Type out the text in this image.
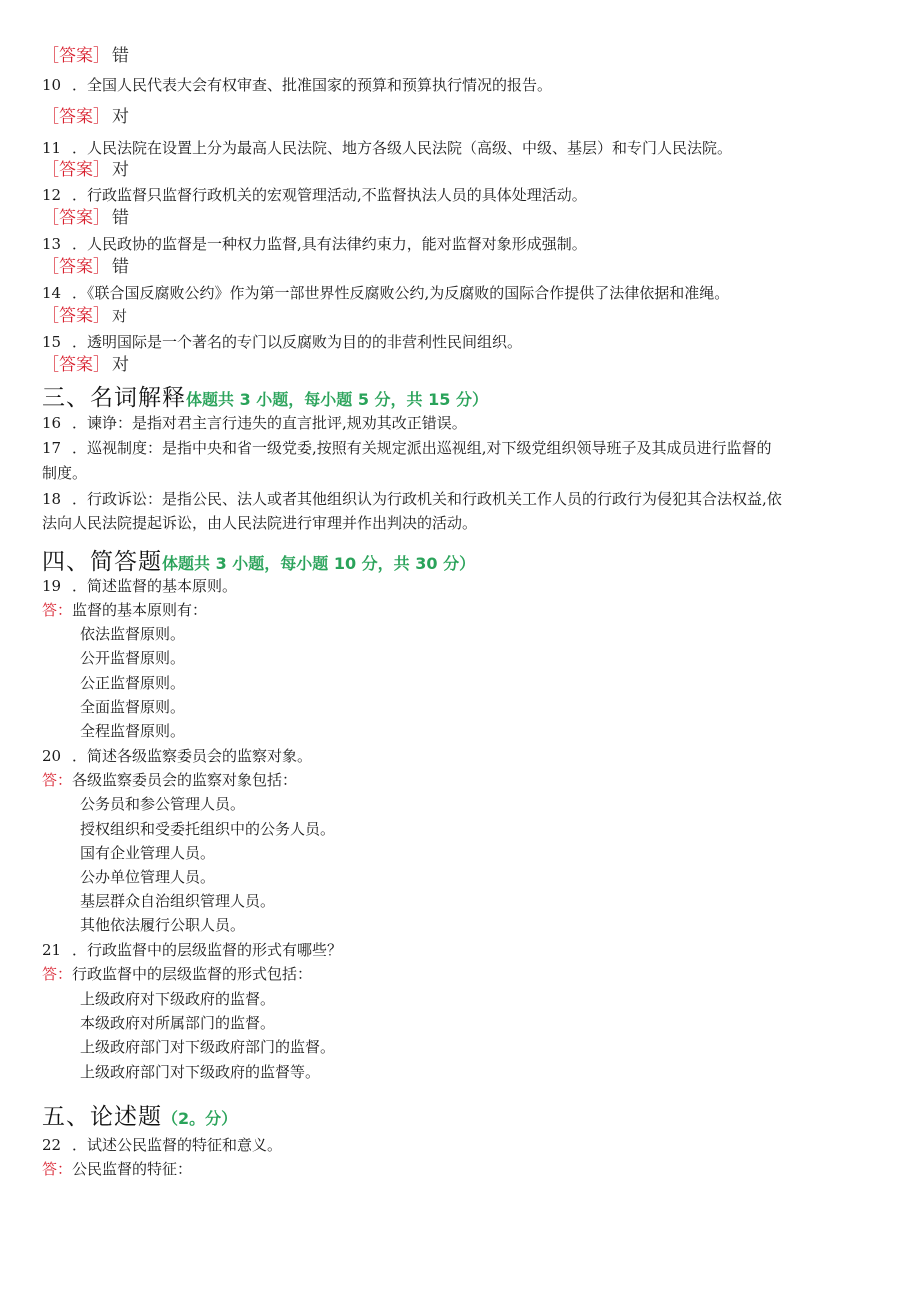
［答案］ 错
10 ．全国人民代表大会有权审查、批准国家的预算和预算执行情况的报告。
［答案］ 对
11 ．人民法院在设置上分为最高人民法院、地方各级人民法院（高级、中级、基层）和专门人民法院。
［答案］ 对
12 ．行政监督只监督行政机关的宏观管理活动,不监督执法人员的具体处理活动。
［答案］ 错
13 ．人民政协的监督是一种权力监督,具有法律约束力，能对监督对象形成强制。
［答案］ 错
14 ．《联合国反腐败公约》作为第一部世界性反腐败公约,为反腐败的国际合作提供了法律依据和准绳。
［答案］ 对
15 ．透明国际是一个著名的专门以反腐败为目的的非营利性民间组织。
［答案］ 对
三、名词解释体题共 3 小题，每小题 5 分，共 15 分）
16 ．谏诤：是指对君主言行违失的直言批评,规劝其改正错误。
17 ．巡视制度：是指中央和省一级党委,按照有关规定派出巡视组,对下级党组织领导班子及其成员进行监督的
制度。
18 ．行政诉讼：是指公民、法人或者其他组织认为行政机关和行政机关工作人员的行政行为侵犯其合法权益,依
法向人民法院提起诉讼，由人民法院进行审理并作出判决的活动。
四、简答题体题共 3 小题，每小题 10 分，共 30 分）
19 ．简述监督的基本原则。
答：监督的基本原则有：
依法监督原则。
公开监督原则。
公正监督原则。
全面监督原则。
全程监督原则。
20 ．简述各级监察委员会的监察对象。
答：各级监察委员会的监察对象包括：
公务员和参公管理人员。
授权组织和受委托组织中的公务人员。
国有企业管理人员。
公办单位管理人员。
基层群众自治组织管理人员。
其他依法履行公职人员。
21 ．行政监督中的层级监督的形式有哪些？
答：行政监督中的层级监督的形式包括：
上级政府对下级政府的监督。
本级政府对所属部门的监督。
上级政府部门对下级政府部门的监督。
上级政府部门对下级政府的监督等。
五、论述题（2。分）
22 ．试述公民监督的特征和意义。
答：公民监督的特征：
